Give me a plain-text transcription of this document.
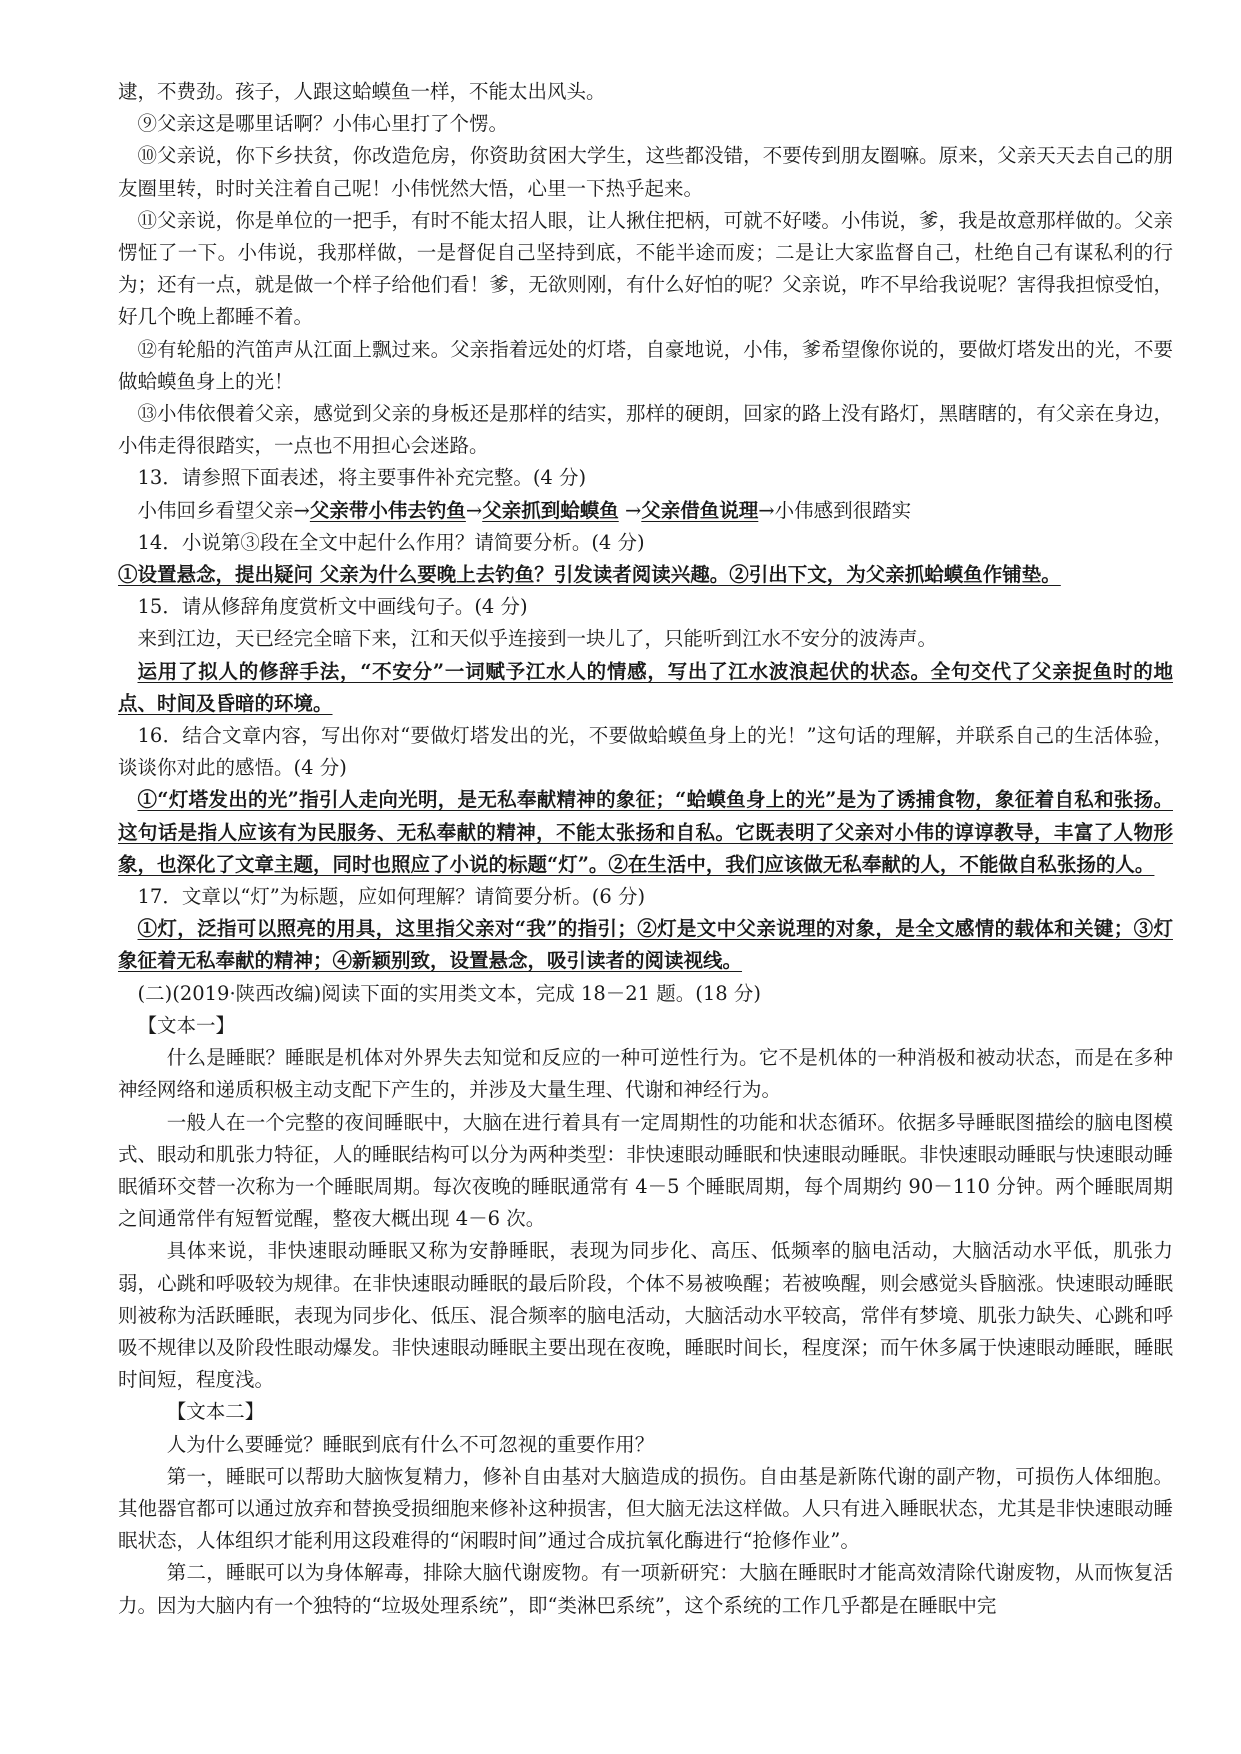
逮，不费劲。孩子，人跟这蛤蟆鱼一样，不能太出风头。

⑨父亲这是哪里话啊？小伟心里打了个愣。

⑩父亲说，你下乡扶贫，你改造危房，你资助贫困大学生，这些都没错，不要传到朋友圈嘛。原来，父亲天天去自己的朋友圈里转，时时关注着自己呢！小伟恍然大悟，心里一下热乎起来。

⑪父亲说，你是单位的一把手，有时不能太招人眼，让人揪住把柄，可就不好喽。小伟说，爹，我是故意那样做的。父亲愣怔了一下。小伟说，我那样做，一是督促自己坚持到底，不能半途而废；二是让大家监督自己，杜绝自己有谋私利的行为；还有一点，就是做一个样子给他们看！爹，无欲则刚，有什么好怕的呢？父亲说，咋不早给我说呢？害得我担惊受怕，好几个晚上都睡不着。

⑫有轮船的汽笛声从江面上飘过来。父亲指着远处的灯塔，自豪地说，小伟，爹希望像你说的，要做灯塔发出的光，不要做蛤蟆鱼身上的光！

⑬小伟依偎着父亲，感觉到父亲的身板还是那样的结实，那样的硬朗，回家的路上没有路灯，黑瞎瞎的，有父亲在身边，小伟走得很踏实，一点也不用担心会迷路。

13．请参照下面表述，将主要事件补充完整。(4 分)

小伟回乡看望父亲→父亲带小伟去钓鱼→父亲抓到蛤蟆鱼 →父亲借鱼说理→小伟感到很踏实

14．小说第③段在全文中起什么作用？请简要分析。(4 分)

①设置悬念，提出疑问 父亲为什么要晚上去钓鱼？引发读者阅读兴趣。②引出下文，为父亲抓蛤蟆鱼作铺垫。

15．请从修辞角度赏析文中画线句子。(4 分)

来到江边，天已经完全暗下来，江和天似乎连接到一块儿了，只能听到江水不安分的波涛声。

运用了拟人的修辞手法，“不安分”一词赋予江水人的情感，写出了江水波浪起伏的状态。全句交代了父亲捉鱼时的地点、时间及昏暗的环境。

16．结合文章内容，写出你对“要做灯塔发出的光，不要做蛤蟆鱼身上的光！”这句话的理解，并联系自己的生活体验，谈谈你对此的感悟。(4 分)

①“灯塔发出的光”指引人走向光明，是无私奉献精神的象征；“蛤蟆鱼身上的光”是为了诱捕食物，象征着自私和张扬。这句话是指人应该有为民服务、无私奉献的精神，不能太张扬和自私。它既表明了父亲对小伟的谆谆教导，丰富了人物形象，也深化了文章主题，同时也照应了小说的标题“灯”。②在生活中，我们应该做无私奉献的人，不能做自私张扬的人。

17．文章以“灯”为标题，应如何理解？请简要分析。(6 分)

①灯，泛指可以照亮的用具，这里指父亲对“我”的指引；②灯是文中父亲说理的对象，是全文感情的载体和关键；③灯象征着无私奉献的精神；④新颖别致，设置悬念，吸引读者的阅读视线。

(二)(2019·陕西改编)阅读下面的实用类文本，完成 18－21 题。(18 分)

【文本一】

什么是睡眠？睡眠是机体对外界失去知觉和反应的一种可逆性行为。它不是机体的一种消极和被动状态，而是在多种神经网络和递质积极主动支配下产生的，并涉及大量生理、代谢和神经行为。

一般人在一个完整的夜间睡眠中，大脑在进行着具有一定周期性的功能和状态循环。依据多导睡眠图描绘的脑电图模式、眼动和肌张力特征，人的睡眠结构可以分为两种类型：非快速眼动睡眠和快速眼动睡眠。非快速眼动睡眠与快速眼动睡眠循环交替一次称为一个睡眠周期。每次夜晚的睡眠通常有 4－5 个睡眠周期，每个周期约 90－110 分钟。两个睡眠周期之间通常伴有短暂觉醒，整夜大概出现 4－6 次。

具体来说，非快速眼动睡眠又称为安静睡眠，表现为同步化、高压、低频率的脑电活动，大脑活动水平低，肌张力弱，心跳和呼吸较为规律。在非快速眼动睡眠的最后阶段，个体不易被唤醒；若被唤醒，则会感觉头昏脑涨。快速眼动睡眠则被称为活跃睡眠，表现为同步化、低压、混合频率的脑电活动，大脑活动水平较高，常伴有梦境、肌张力缺失、心跳和呼吸不规律以及阶段性眼动爆发。非快速眼动睡眠主要出现在夜晚，睡眠时间长，程度深；而午休多属于快速眼动睡眠，睡眠时间短，程度浅。

【文本二】

人为什么要睡觉？睡眠到底有什么不可忽视的重要作用？

第一，睡眠可以帮助大脑恢复精力，修补自由基对大脑造成的损伤。自由基是新陈代谢的副产物，可损伤人体细胞。其他器官都可以通过放弃和替换受损细胞来修补这种损害，但大脑无法这样做。人只有进入睡眠状态，尤其是非快速眼动睡眠状态，人体组织才能利用这段难得的“闲暇时间”通过合成抗氧化酶进行“抢修作业”。

第二，睡眠可以为身体解毒，排除大脑代谢废物。有一项新研究：大脑在睡眠时才能高效清除代谢废物，从而恢复活力。因为大脑内有一个独特的“垃圾处理系统”，即“类淋巴系统”，这个系统的工作几乎都是在睡眠中完
